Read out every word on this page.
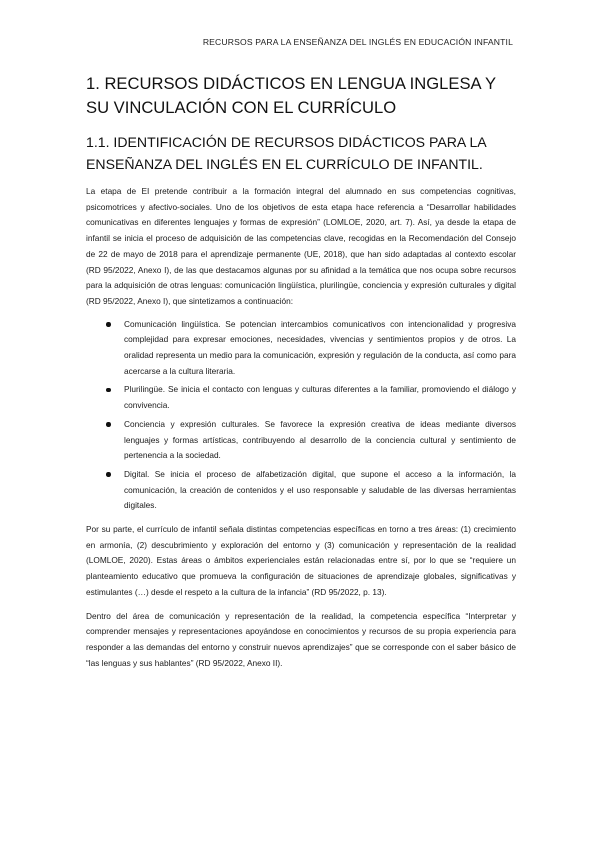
RECURSOS PARA LA ENSEÑANZA DEL INGLÉS EN EDUCACIÓN INFANTIL
1. RECURSOS DIDÁCTICOS EN LENGUA INGLESA Y SU VINCULACIÓN CON EL CURRÍCULO
1.1. IDENTIFICACIÓN DE RECURSOS DIDÁCTICOS PARA LA ENSEÑANZA DEL INGLÉS EN EL CURRÍCULO DE INFANTIL.

La etapa de EI pretende contribuir a la formación integral del alumnado en sus competencias cognitivas, psicomotrices y afectivo-sociales. Uno de los objetivos de esta etapa hace referencia a “Desarrollar habilidades comunicativas en diferentes lenguajes y formas de expresión” (LOMLOE, 2020, art. 7). Así, ya desde la etapa de infantil se inicia el proceso de adquisición de las competencias clave, recogidas en la Recomendación del Consejo de 22 de mayo de 2018 para el aprendizaje permanente (UE, 2018), que han sido adaptadas al contexto escolar (RD 95/2022, Anexo I), de las que destacamos algunas por su afinidad a la temática que nos ocupa sobre recursos para la adquisición de otras lenguas: comunicación lingüística, plurilingüe, conciencia y expresión culturales y digital (RD 95/2022, Anexo I), que sintetizamos a continuación:

Comunicación lingüística. Se potencian intercambios comunicativos con intencionalidad y progresiva complejidad para expresar emociones, necesidades, vivencias y sentimientos propios y de otros. La oralidad representa un medio para la comunicación, expresión y regulación de la conducta, así como para acercarse a la cultura literaria.
Plurilingüe. Se inicia el contacto con lenguas y culturas diferentes a la familiar, promoviendo el diálogo y convivencia.
Conciencia y expresión culturales. Se favorece la expresión creativa de ideas mediante diversos lenguajes y formas artísticas, contribuyendo al desarrollo de la conciencia cultural y sentimiento de pertenencia a la sociedad.
Digital. Se inicia el proceso de alfabetización digital, que supone el acceso a la información, la comunicación, la creación de contenidos y el uso responsable y saludable de las diversas herramientas digitales.

Por su parte, el currículo de infantil señala distintas competencias específicas en torno a tres áreas: (1) crecimiento en armonía, (2) descubrimiento y exploración del entorno y (3) comunicación y representación de la realidad (LOMLOE, 2020). Estas áreas o ámbitos experienciales están relacionadas entre sí, por lo que se “requiere un planteamiento educativo que promueva la configuración de situaciones de aprendizaje globales, significativas y estimulantes (…) desde el respeto a la cultura de la infancia” (RD 95/2022, p. 13).

Dentro del área de comunicación y representación de la realidad, la competencia específica “Interpretar y comprender mensajes y representaciones apoyándose en conocimientos y recursos de su propia experiencia para responder a las demandas del entorno y construir nuevos aprendizajes” que se corresponde con el saber básico de “las lenguas y sus hablantes” (RD 95/2022, Anexo II).
